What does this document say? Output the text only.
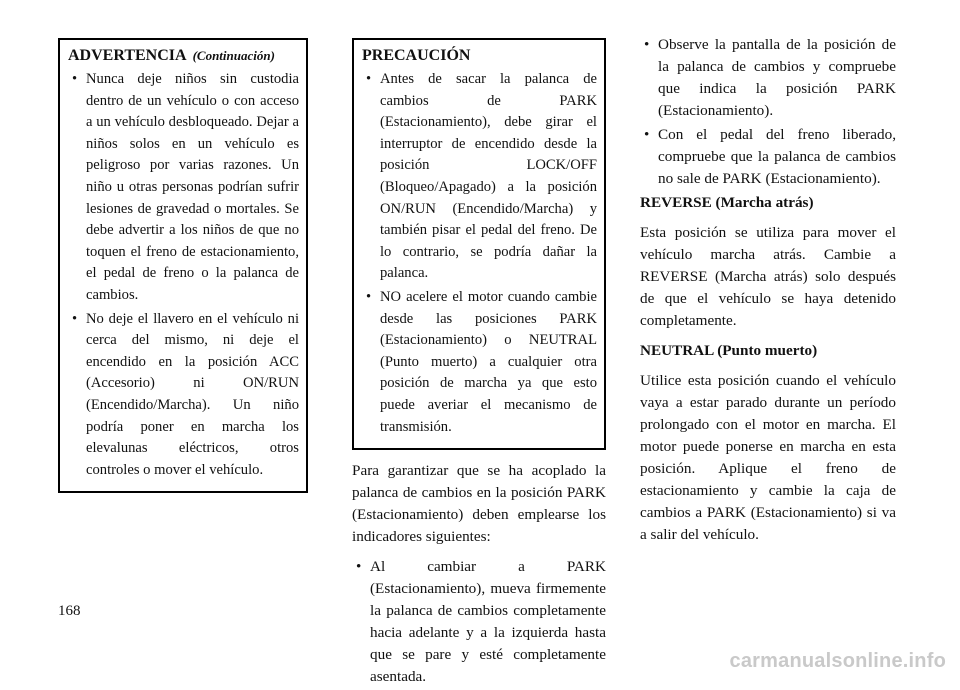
ADVERTENCIA (Continuación)
• Nunca deje niños sin custodia dentro de un vehículo o con acceso a un vehículo desbloqueado. Dejar a niños solos en un vehículo es peligroso por varias razones. Un niño u otras personas podrían sufrir lesiones de gravedad o mortales. Se debe advertir a los niños de que no toquen el freno de estacionamiento, el pedal de freno o la palanca de cambios.
• No deje el llavero en el vehículo ni cerca del mismo, ni deje el encendido en la posición ACC (Accesorio) ni ON/RUN (Encendido/Marcha). Un niño podría poner en marcha los elevalunas eléctricos, otros controles o mover el vehículo.
PRECAUCIÓN
• Antes de sacar la palanca de cambios de PARK (Estacionamiento), debe girar el interruptor de encendido desde la posición LOCK/OFF (Bloqueo/Apagado) a la posición ON/RUN (Encendido/Marcha) y también pisar el pedal del freno. De lo contrario, se podría dañar la palanca.
• NO acelere el motor cuando cambie desde las posiciones PARK (Estacionamiento) o NEUTRAL (Punto muerto) a cualquier otra posición de marcha ya que esto puede averiar el mecanismo de transmisión.

Para garantizar que se ha acoplado la palanca de cambios en la posición PARK (Estacionamiento) deben emplearse los indicadores siguientes:

• Al cambiar a PARK (Estacionamiento), mueva firmemente la palanca de cambios completamente hacia adelante y a la izquierda hasta que se pare y esté completamente asentada.
• Observe la pantalla de la posición de la palanca de cambios y compruebe que indica la posición PARK (Estacionamiento).
• Con el pedal del freno liberado, compruebe que la palanca de cambios no sale de PARK (Estacionamiento).
REVERSE (Marcha atrás)

Esta posición se utiliza para mover el vehículo marcha atrás. Cambie a REVERSE (Marcha atrás) solo después de que el vehículo se haya detenido completamente.

NEUTRAL (Punto muerto)

Utilice esta posición cuando el vehículo vaya a estar parado durante un período prolongado con el motor en marcha. El motor puede ponerse en marcha en esta posición. Aplique el freno de estacionamiento y cambie la caja de cambios a PARK (Estacionamiento) si va a salir del vehículo.

168
carmanualsonline.info
